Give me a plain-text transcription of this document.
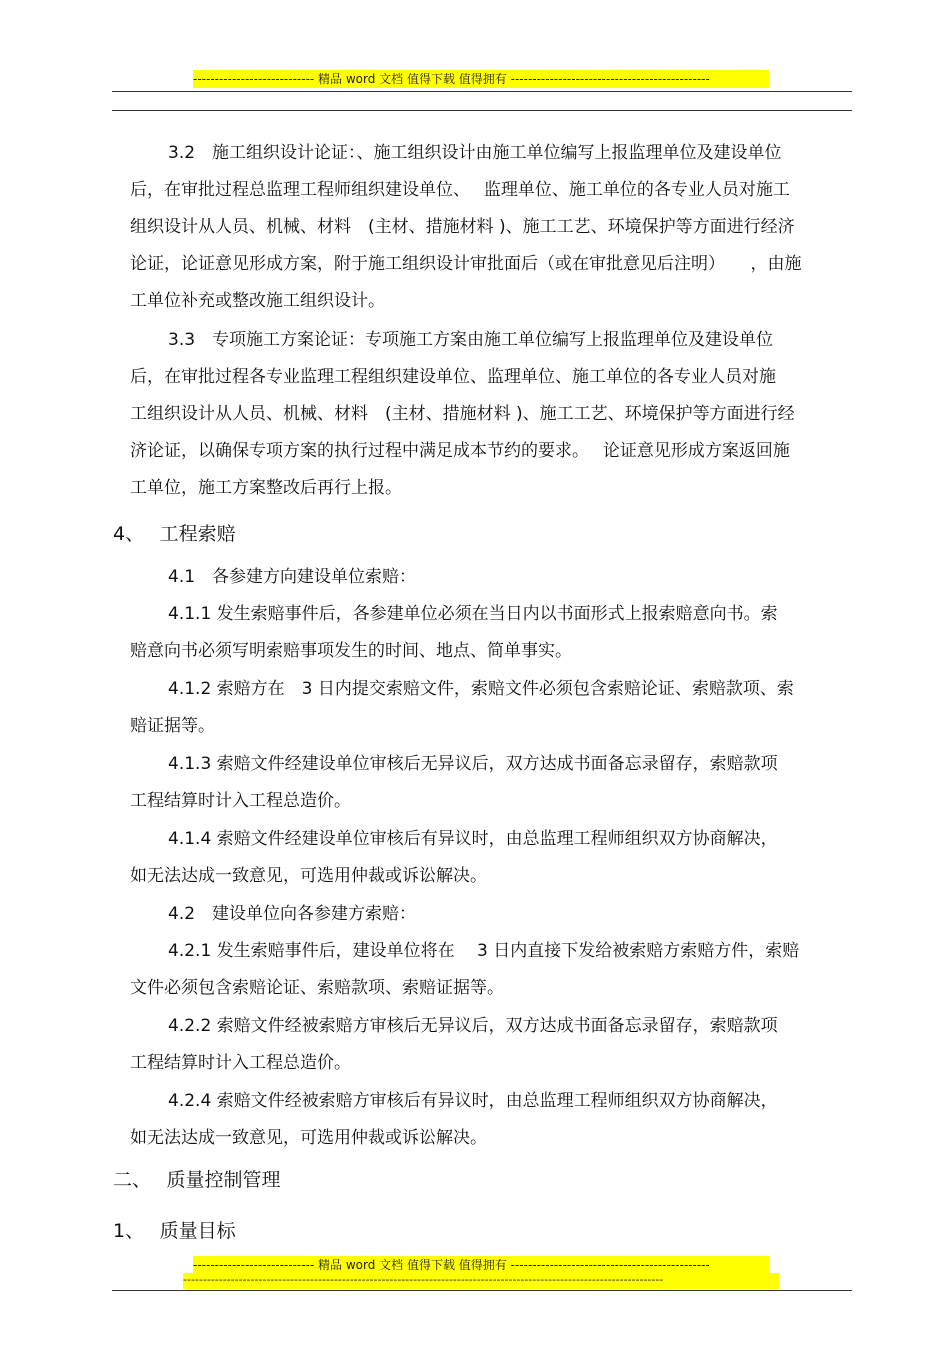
---------------------------- 精品 word 文档 值得下载 值得拥有 ----------------------------------------------
3.2　施工组织设计论证：、施工组织设计由施工单位编写上报监理单位及建设单位
后，在审批过程总监理工程师组织建设单位、　 监理单位、施工单位的各专业人员对施工
组织设计从人员、机械、材料　(主材、措施材料 )、施工工艺、环境保护等方面进行经济
论证，论证意见形成方案，附于施工组织设计审批面后（或在审批意见后注明）　　，由施
工单位补充或整改施工组织设计。
3.3　专项施工方案论证：专项施工方案由施工单位编写上报监理单位及建设单位
后，在审批过程各专业监理工程组织建设单位、监理单位、施工单位的各专业人员对施
工组织设计从人员、机械、材料　(主材、措施材料 )、施工工艺、环境保护等方面进行经
济论证，以确保专项方案的执行过程中满足成本节约的要求。　 论证意见形成方案返回施
工单位，施工方案整改后再行上报。
4、　 工程索赔
4.1　各参建方向建设单位索赔：
4.1.1 发生索赔事件后，各参建单位必须在当日内以书面形式上报索赔意向书。索
赔意向书必须写明索赔事项发生的时间、地点、简单事实。
4.1.2 索赔方在　3 日内提交索赔文件，索赔文件必须包含索赔论证、索赔款项、索
赔证据等。
4.1.3 索赔文件经建设单位审核后无异议后，双方达成书面备忘录留存，索赔款项
工程结算时计入工程总造价。
4.1.4 索赔文件经建设单位审核后有异议时，由总监理工程师组织双方协商解决，
如无法达成一致意见，可选用仲裁或诉讼解决。
4.2　建设单位向各参建方索赔：
4.2.1 发生索赔事件后，建设单位将在　 3 日内直接下发给被索赔方索赔方件，索赔
文件必须包含索赔论证、索赔款项、索赔证据等。
4.2.2 索赔文件经被索赔方审核后无异议后，双方达成书面备忘录留存，索赔款项
工程结算时计入工程总造价。
4.2.4 索赔文件经被索赔方审核后有异议时，由总监理工程师组织双方协商解决，
如无法达成一致意见，可选用仲裁或诉讼解决。
二、　 质量控制管理
1、　 质量目标
---------------------------- 精品 word 文档 值得下载 值得拥有 ----------------------------------------------
-------------------------------------------------------------------------------------------------------------------------
